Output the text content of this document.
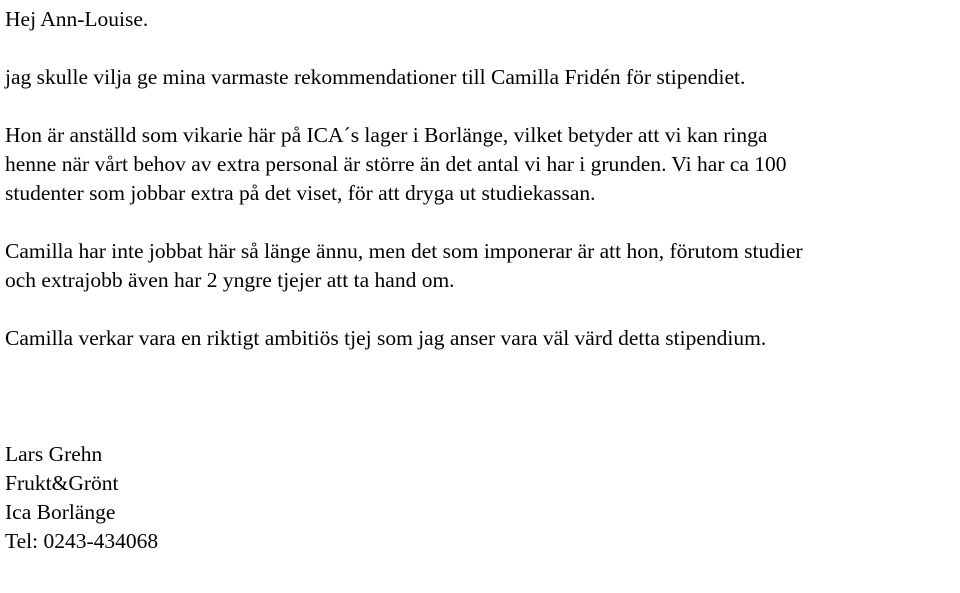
Hej Ann-Louise.

jag skulle vilja ge mina varmaste rekommendationer till Camilla Fridén för stipendiet.

Hon är anställd som vikarie här på ICA´s lager i Borlänge, vilket betyder att vi kan ringa

henne när vårt behov av extra personal är större än det antal vi har i grunden. Vi har ca 100

studenter som jobbar extra på det viset, för att dryga ut studiekassan.

Camilla har inte jobbat här så länge ännu, men det som imponerar är att hon, förutom studier

och extrajobb även har 2 yngre tjejer att ta hand om.

Camilla verkar vara en riktigt ambitiös tjej som jag anser vara väl värd detta stipendium.

Lars Grehn

Frukt&Grönt

Ica Borlänge

Tel: 0243-434068
